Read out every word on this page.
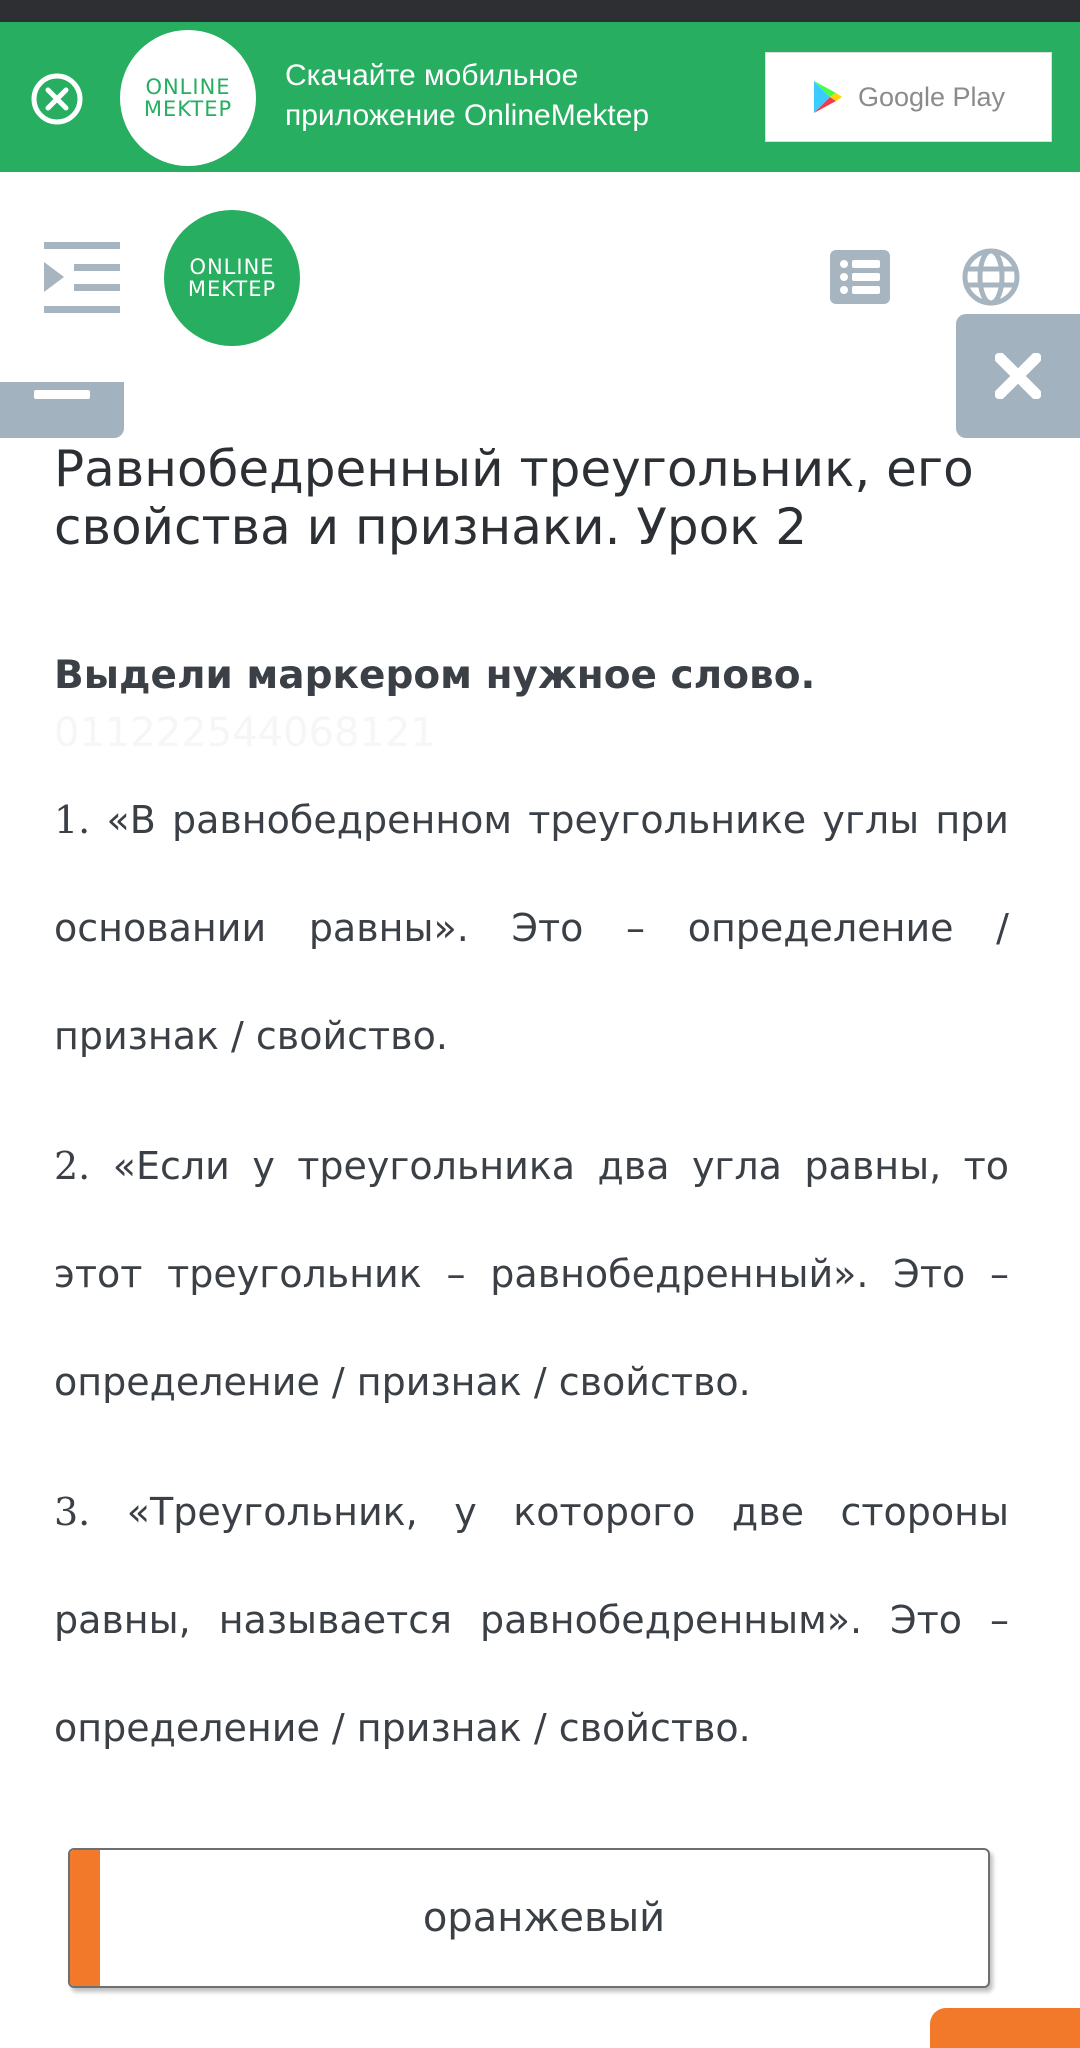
ONLINE
MEKTEP
Скачайте мобильное
приложение OnlineMektep
Google Play
ONLINE
MEKTEP
Равнобедренный треугольник, его свойства и признаки. Урок 2
Выдели маркером нужное слово.
011222544068121
1. «В равнобедренном треугольнике углы при основании равны». Это – определение / признак / свойство.
2. «Если у треугольника два угла равны, то этот треугольник – равнобедренный». Это – определение / признак / свойство.
3. «Треугольник, у которого две стороны равны, называется равнобедренным». Это – определение / признак / свойство.
оранжевый
